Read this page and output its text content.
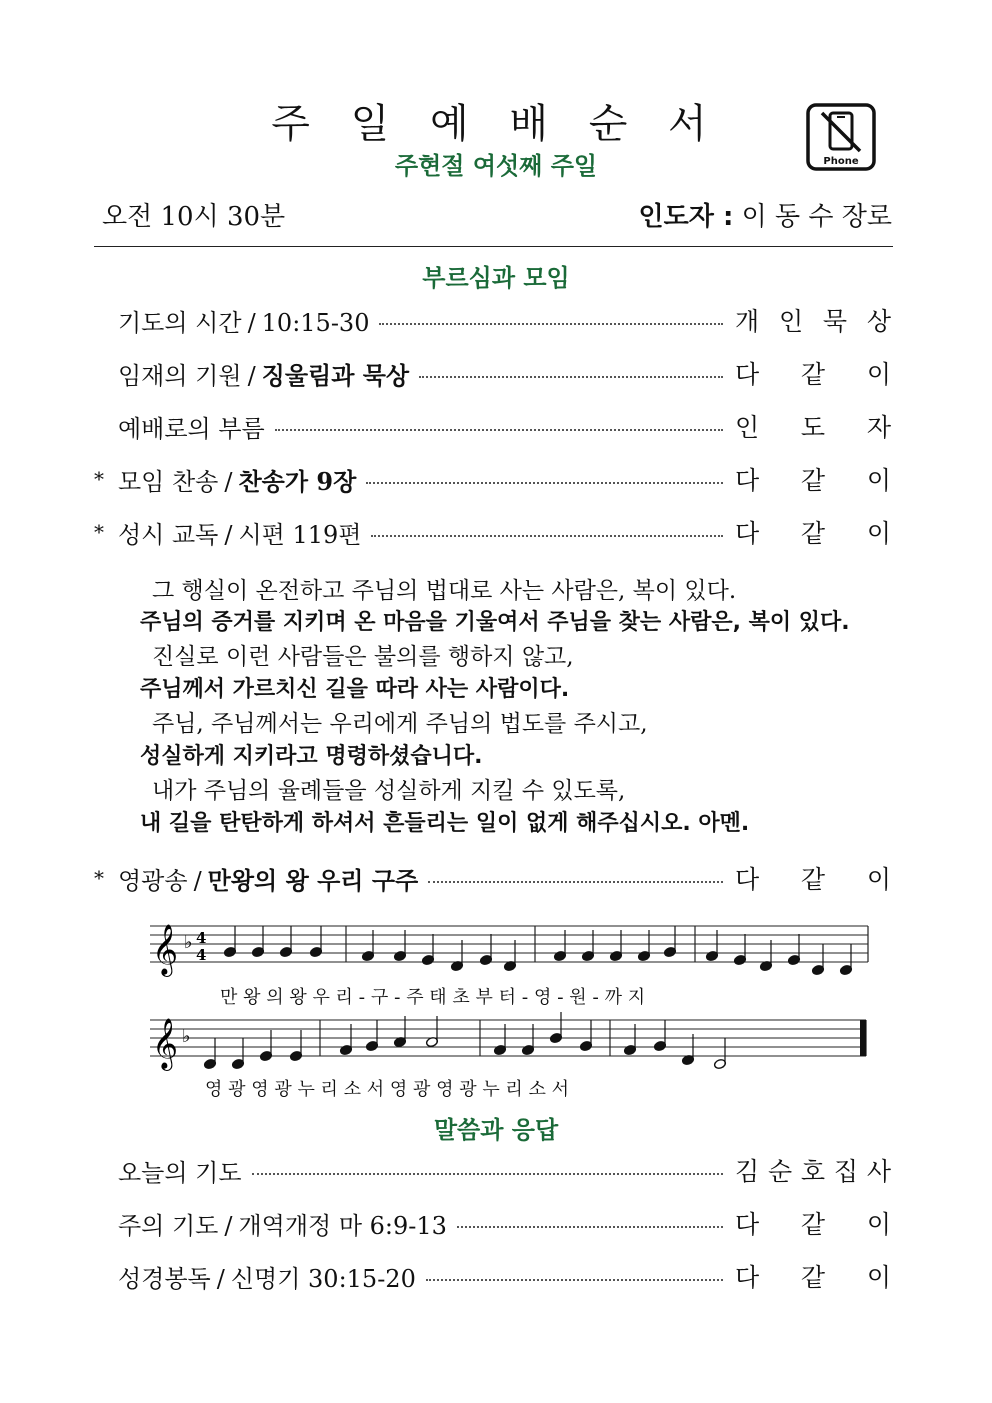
주 일 예 배 순 서
주현절 여섯째 주일	Phone
오전 10시 30분	인도자 : 이 동 수 장로
부르심과 모임
기도의 시간 / 10:15-30	개 인 묵 상
임재의 기원 / 징울림과 묵상	다 같 이
예배로의 부름	인 도 자
* 모임 찬송 / 찬송가 9장	다 같 이
* 성시 교독 / 시편 119편	다 같 이
그 행실이 온전하고 주님의 법대로 사는 사람은, 복이 있다.
주님의 증거를 지키며 온 마음을 기울여서 주님을 찾는 사람은, 복이 있다.
진실로 이런 사람들은 불의를 행하지 않고,
주님께서 가르치신 길을 따라 사는 사람이다.
주님, 주님께서는 우리에게 주님의 법도를 주시고,
성실하게 지키라고 명령하셨습니다.
내가 주님의 율례들을 성실하게 지킬 수 있도록,
내 길을 탄탄하게 하셔서 흔들리는 일이 없게 해주십시오. 아멘.
* 영광송 / 만왕의 왕 우리 구주	다 같 이
𝄞 ♭ 4
4
𝄞 ♭
만 왕 의 왕 우 리 - 구 - 주 태 초 부 터 - 영 - 원 - 까 지
영 광 영 광 누 리 소 서 영 광 영 광 누 리 소 서
말씀과 응답
오늘의 기도	김 순 호 집 사
주의 기도 / 개역개정 마 6:9-13	다 같 이
성경봉독 / 신명기 30:15-20	다 같 이
